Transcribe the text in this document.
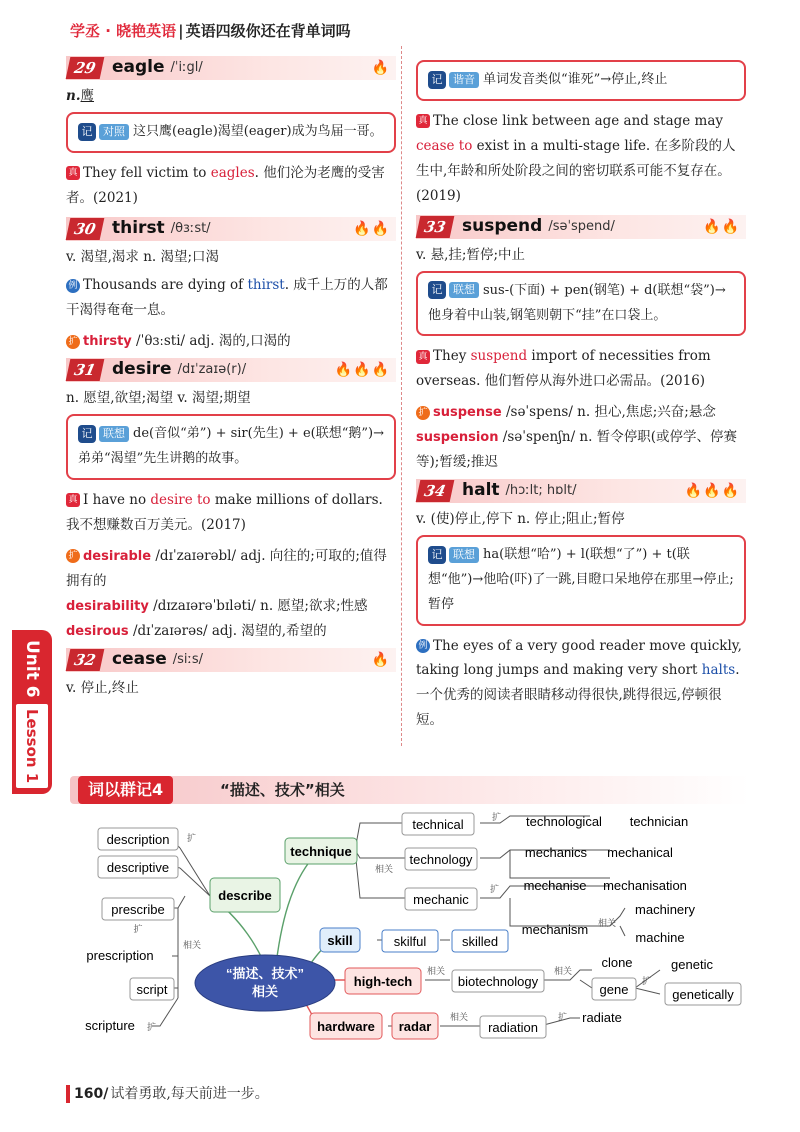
学丞 · 晓艳英语 | 英语四级你还在背单词吗
29 eagle /ˈiːgl/	🔥
n.鹰
记 对照 这只鹰(eagle)渴望(eager)成为鸟届一哥。
真 They fell victim to eagles. 他们沦为老鹰的受害者。(2021)
30 thirst /θɜːst/	🔥🔥
v. 渴望,渴求 n. 渴望;口渴
例 Thousands are dying of thirst. 成千上万的人都干渴得奄奄一息。
扩 thirsty /ˈθɜːsti/ adj. 渴的,口渴的
31 desire /dɪˈzaɪə(r)/	🔥🔥🔥
n. 愿望,欲望;渴望 v. 渴望;期望
记 联想 de(音似“弟”) + sir(先生) + e(联想“鹅”)→弟弟“渴望”先生讲鹅的故事。
真 I have no desire to make millions of dollars. 我不想赚数百万美元。(2017)
扩 desirable /dɪˈzaɪərəbl/ adj. 向往的;可取的;值得拥有的
desirability /dɪzaɪərəˈbɪləti/ n. 愿望;欲求;性感
desirous /dɪˈzaɪərəs/ adj. 渴望的,希望的
32 cease /siːs/	🔥
v. 停止,终止
记 谐音 单词发音类似“谁死”→停止,终止
真 The close link between age and stage may cease to exist in a multi-stage life. 在多阶段的人生中,年龄和所处阶段之间的密切联系可能不复存在。(2019)
33 suspend /səˈspend/	🔥🔥
v. 悬,挂;暂停;中止
记 联想 sus-(下面) + pen(钢笔) + d(联想“袋”)→他身着中山装,钢笔则朝下“挂”在口袋上。
真 They suspend import of necessities from overseas. 他们暂停从海外进口必需品。(2016)
扩 suspense /səˈspens/ n. 担心,焦虑;兴奋;悬念
suspension /səˈspenʃn/ n. 暂令停职(或停学、停赛等);暂缓;推迟
34 halt /hɔːlt; hɒlt/	🔥🔥🔥
v. (使)停止,停下 n. 停止;阻止;暂停
记 联想 ha(联想“哈”) + l(联想“了”) + t(联想“他”)→他哈(吓)了一跳,目瞪口呆地停在那里→停止;暂停
例 The eyes of a very good reader move quickly, taking long jumps and making very short halts. 一个优秀的阅读者眼睛移动得很快,跳得很远,停顿很短。
Unit 6
Lesson 1
词以群记4	“描述、技术”相关
“描述、技术”
相关
describe
description
descriptive
扩
prescribe
扩
prescription
script
scripture 扩
相关
technique
technical	扩 technological technician
technology
相关
mechanics mechanical
mechanic
扩 mechanise mechanisation
mechanism 相关
machinery
machine
skill	skilful	skilled
high-tech
相关
biotechnology
相关
clone
gene
扩
genetic
genetically
hardware radar
相关
radiation
扩 radiate
160/ 试着勇敢,每天前进一步。
